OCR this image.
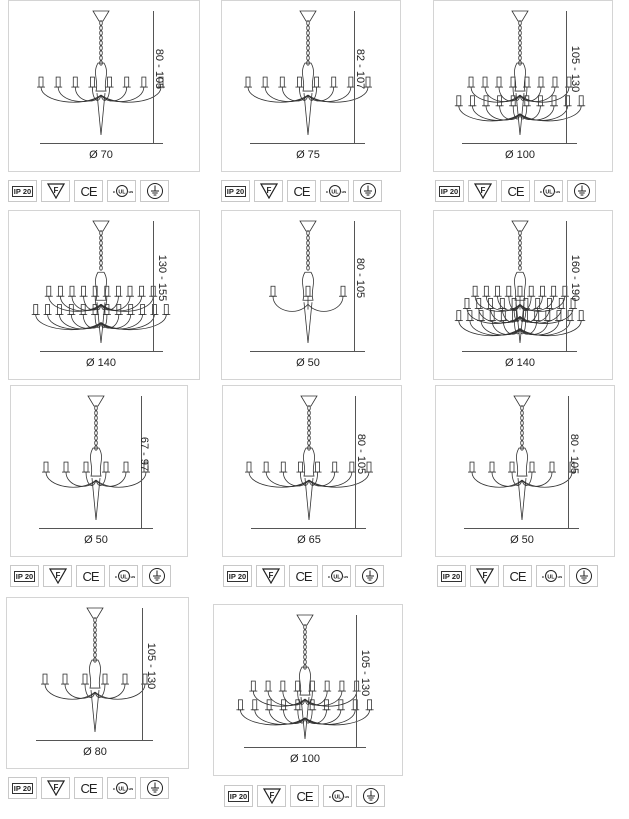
80 - 105
Ø 70
IP 20	F	CE	UL
c	us
82 - 107
Ø 75
IP 20	F	CE	UL
c	us
105 - 130
Ø 100
IP 20	F	CE	UL
c	us
130 - 155
Ø 140
80 - 105
Ø 50
160 - 190
Ø 140
67 - 97
Ø 50
IP 20	F	CE	UL
c	us
80 - 105
Ø 65
IP 20	F	CE	UL
c	us
80 - 105
Ø 50
IP 20	F	CE	UL
c	us
105 - 130
Ø 80
IP 20	F	CE	UL
c	us
105 - 130
Ø 100
IP 20	F	CE	UL
c	us
